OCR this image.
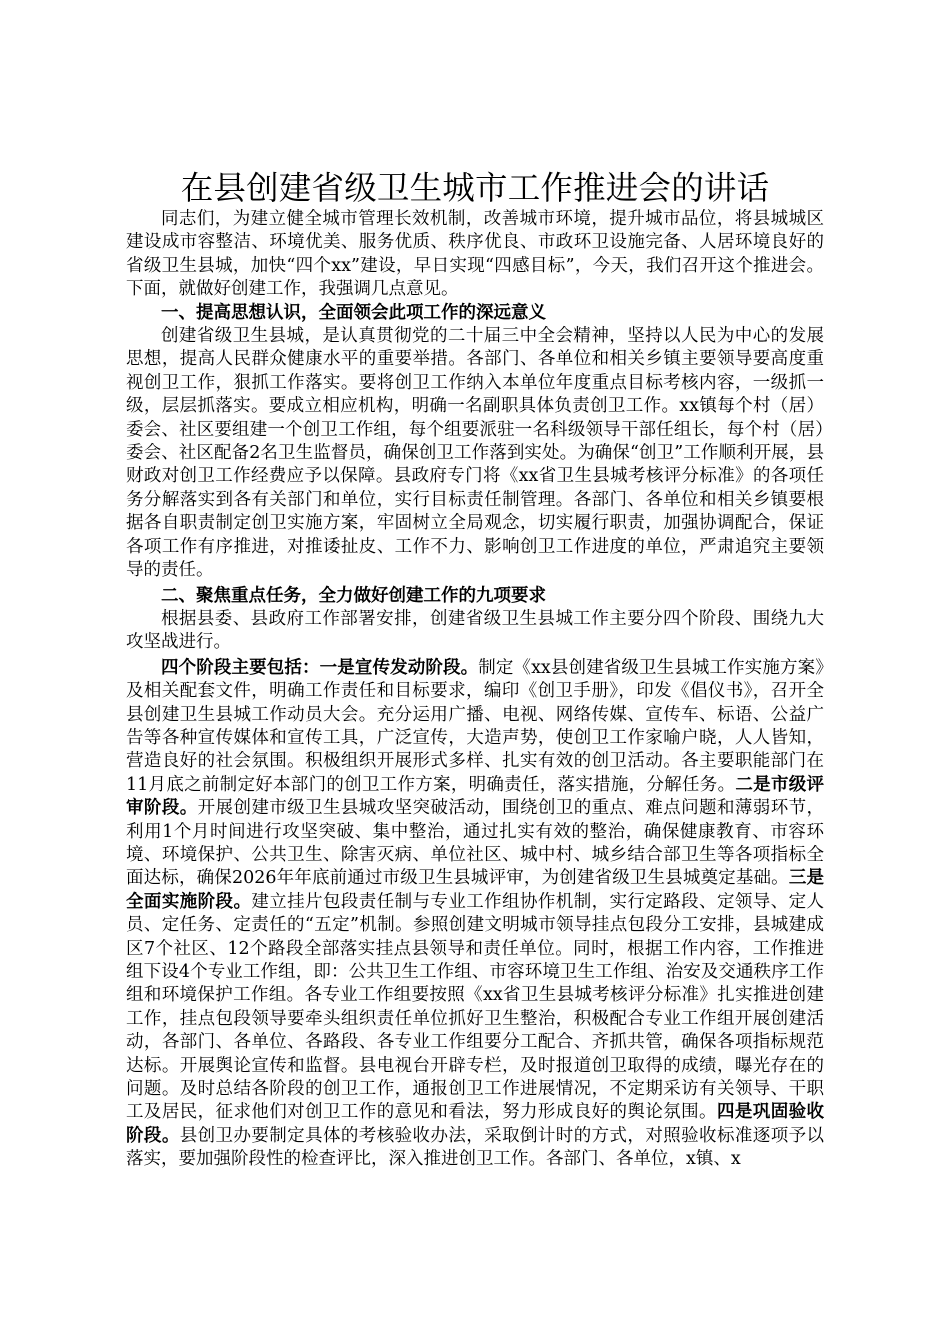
在县创建省级卫生城市工作推进会的讲话

同志们，为建立健全城市管理长效机制，改善城市环境，提升城市品位，将县城城区建设成市容整洁、环境优美、服务优质、秩序优良、市政环卫设施完备、人居环境良好的省级卫生县城，加快“四个xx”建设，早日实现“四感目标”，今天，我们召开这个推进会。下面，就做好创建工作，我强调几点意见。

一、提高思想认识，全面领会此项工作的深远意义

创建省级卫生县城，是认真贯彻党的二十届三中全会精神，坚持以人民为中心的发展思想，提高人民群众健康水平的重要举措。各部门、各单位和相关乡镇主要领导要高度重视创卫工作，狠抓工作落实。要将创卫工作纳入本单位年度重点目标考核内容，一级抓一级，层层抓落实。要成立相应机构，明确一名副职具体负责创卫工作。xx镇每个村（居）委会、社区要组建一个创卫工作组，每个组要派驻一名科级领导干部任组长，每个村（居）委会、社区配备2名卫生监督员，确保创卫工作落到实处。为确保“创卫”工作顺利开展，县财政对创卫工作经费应予以保障。县政府专门将《xx省卫生县城考核评分标准》的各项任务分解落实到各有关部门和单位，实行目标责任制管理。各部门、各单位和相关乡镇要根据各自职责制定创卫实施方案，牢固树立全局观念，切实履行职责，加强协调配合，保证各项工作有序推进，对推诿扯皮、工作不力、影响创卫工作进度的单位，严肃追究主要领导的责任。

二、聚焦重点任务，全力做好创建工作的九项要求

根据县委、县政府工作部署安排，创建省级卫生县城工作主要分四个阶段、围绕九大攻坚战进行。

四个阶段主要包括：一是宣传发动阶段。制定《xx县创建省级卫生县城工作实施方案》及相关配套文件，明确工作责任和目标要求，编印《创卫手册》，印发《倡仪书》，召开全县创建卫生县城工作动员大会。充分运用广播、电视、网络传媒、宣传车、标语、公益广告等各种宣传媒体和宣传工具，广泛宣传，大造声势，使创卫工作家喻户晓，人人皆知，营造良好的社会氛围。积极组织开展形式多样、扎实有效的创卫活动。各主要职能部门在11月底之前制定好本部门的创卫工作方案，明确责任，落实措施，分解任务。二是市级评审阶段。开展创建市级卫生县城攻坚突破活动，围绕创卫的重点、难点问题和薄弱环节，利用1个月时间进行攻坚突破、集中整治，通过扎实有效的整治，确保健康教育、市容环境、环境保护、公共卫生、除害灭病、单位社区、城中村、城乡结合部卫生等各项指标全面达标，确保2026年年底前通过市级卫生县城评审，为创建省级卫生县城奠定基础。三是全面实施阶段。建立挂片包段责任制与专业工作组协作机制，实行定路段、定领导、定人员、定任务、定责任的“五定”机制。参照创建文明城市领导挂点包段分工安排，县城建成区7个社区、12个路段全部落实挂点县领导和责任单位。同时，根据工作内容，工作推进组下设4个专业工作组，即：公共卫生工作组、市容环境卫生工作组、治安及交通秩序工作组和环境保护工作组。各专业工作组要按照《xx省卫生县城考核评分标准》扎实推进创建工作，挂点包段领导要牵头组织责任单位抓好卫生整治，积极配合专业工作组开展创建活动，各部门、各单位、各路段、各专业工作组要分工配合、齐抓共管，确保各项指标规范达标。开展舆论宣传和监督。县电视台开辟专栏，及时报道创卫取得的成绩，曝光存在的问题。及时总结各阶段的创卫工作，通报创卫工作进展情况，不定期采访有关领导、干职工及居民，征求他们对创卫工作的意见和看法，努力形成良好的舆论氛围。四是巩固验收阶段。县创卫办要制定具体的考核验收办法，采取倒计时的方式，对照验收标准逐项予以落实，要加强阶段性的检查评比，深入推进创卫工作。各部门、各单位，x镇、x
